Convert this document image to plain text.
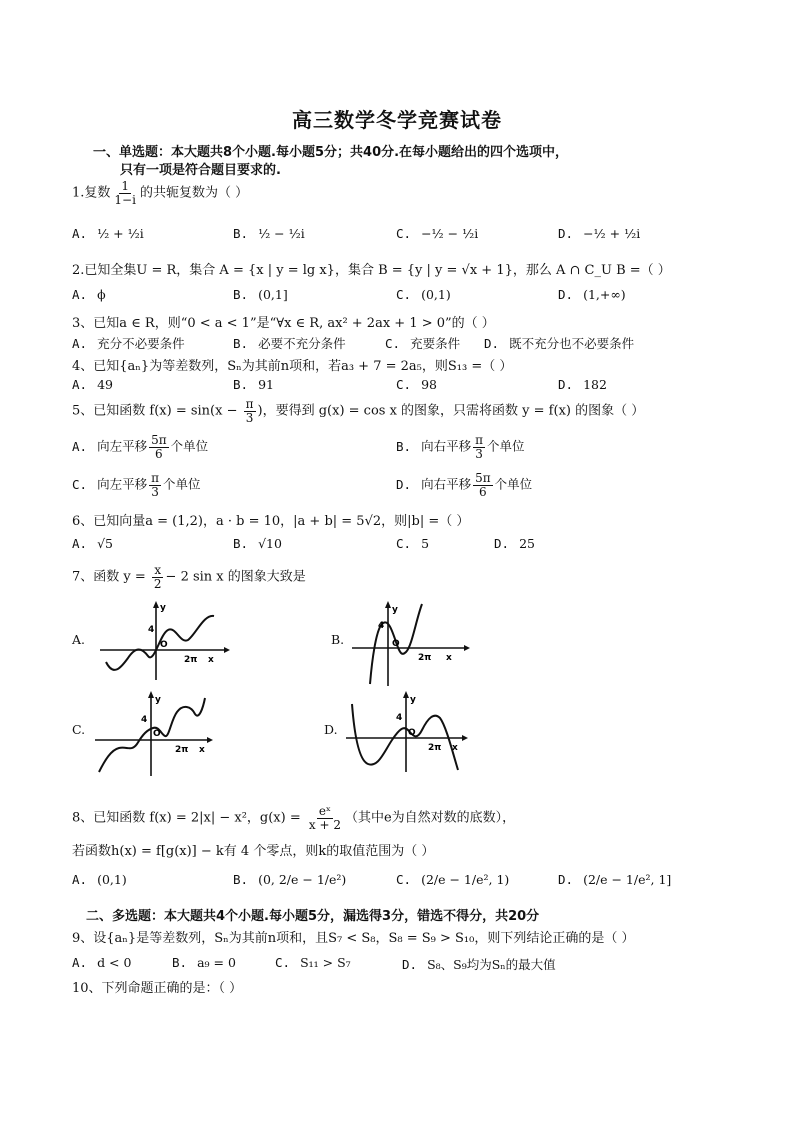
高三数学冬学竞赛试卷
一、单选题：本大题共8个小题.每小题5分；共40分.在每小题给出的四个选项中，
只有一项是符合题目要求的.
1.复数 $\frac{1}{1-i}$ 的共轭复数为（ ）
A. ½ + ½i	B. ½ − ½i	C. −½ − ½i	D. −½ + ½i
2.已知全集U = R，集合 A = {x | y = lg x}，集合 B = {y | y = √x + 1}，那么 A ∩ C_U B =（ ）
A. ϕ	B. (0,1]	C. (0,1)	D. (1,+∞)
3、已知a ∈ R，则“0 < a < 1”是“∀x ∈ R, ax² + 2ax + 1 > 0”的（ ）
A. 充分不必要条件	B. 必要不充分条件	C. 充要条件 D. 既不充分也不必要条件
4、已知{aₙ}为等差数列，Sₙ为其前n项和，若a₃ + 7 = 2a₅，则S₁₃ =（ ）
A. 49	B. 91	C. 98	D. 182
5、已知函数 $f(x) = \sin(x - \frac{\pi}{3}$ )，要得到 g(x) = cos x 的图象，只需将函数 y = f(x) 的图象（ ）
A. 向左平移 $\frac{5\pi}{6}$ 个单位	B. 向右平移 $\frac{\pi}{3}$ 个单位
C. 向左平移 $\frac{\pi}{3}$ 个单位	D. 向右平移 $\frac{5\pi}{6}$ 个单位
6、已知向量a = (1,2)，a · b = 10，|a + b| = 5√2，则|b| =（ ）
A. √5	B. √10	C. 5	D. 25
7、函数 $y = \frac{x}{2} - 2$ sin x 的图象大致是
A.
y
4
O
2π x
B.
y
4
O
2π x
C.
y
4
O
2π x
D.
y
4
O
2π x
8、已知函数 f(x) = 2|x| − x²，$g(x) = \frac{\text{eˣ}}{x + 2}$ （其中e为自然对数的底数），
若函数h(x) = f[g(x)] − k有 4 个零点，则k的取值范围为（ ）
A. (0,1)	B. (0, 2/e − 1/e²)	C. (2/e − 1/e², 1)	D. (2/e − 1/e², 1]
二、多选题：本大题共4个小题.每小题5分，漏选得3分，错选不得分，共20分
9、设{aₙ}是等差数列，Sₙ为其前n项和，且S₇ < S₈，S₈ = S₉ > S₁₀，则下列结论正确的是（ ）
A. d < 0	B. a₉ = 0	C. S₁₁ > S₇	D. S₈、S₉均为Sₙ的最大值
10、下列命题正确的是：（ ）
